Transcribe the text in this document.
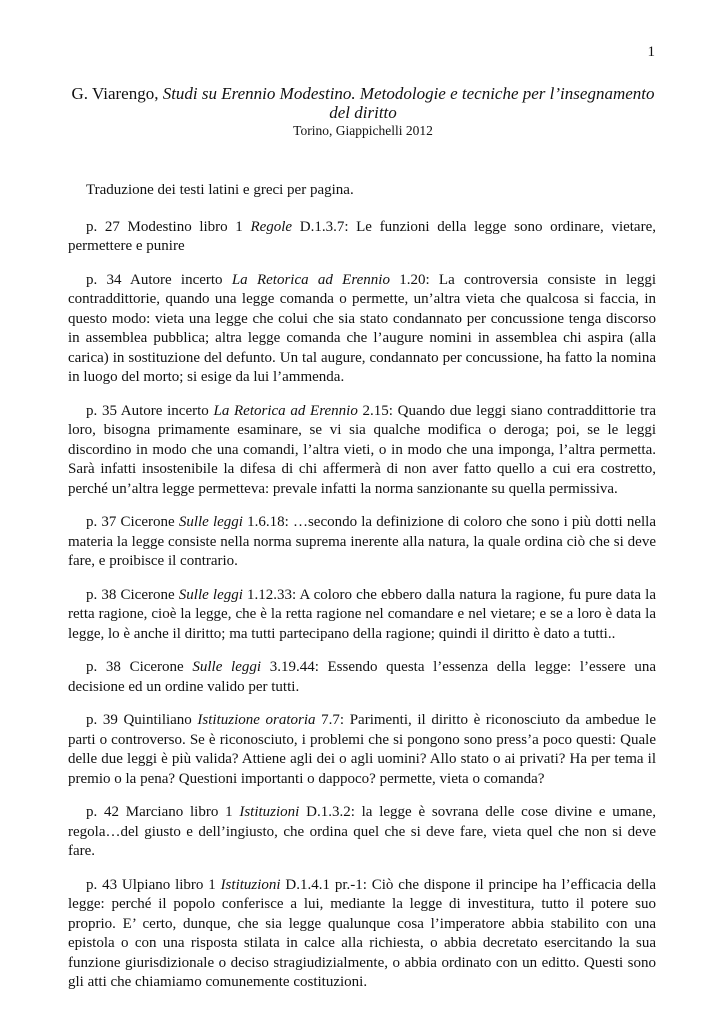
1
G. Viarengo, Studi su Erennio Modestino. Metodologie e tecniche per l’insegnamento del diritto
Torino, Giappichelli 2012

Traduzione dei testi latini e greci per pagina.

p. 27 Modestino libro 1 Regole D.1.3.7: Le funzioni della legge sono ordinare, vietare, permettere e punire

p. 34 Autore incerto La Retorica ad Erennio 1.20: La controversia consiste in leggi contraddittorie, quando una legge comanda o permette, un’altra vieta che qualcosa si faccia, in questo modo: vieta una legge che colui che sia stato condannato per concussione tenga discorso in assemblea pubblica; altra legge comanda che l’augure nomini in assemblea chi aspira (alla carica) in sostituzione del defunto. Un tal augure, condannato per concussione, ha fatto la nomina in luogo del morto; si esige da lui l’ammenda.

p. 35 Autore incerto La Retorica ad Erennio 2.15: Quando due leggi siano contraddittorie tra loro, bisogna primamente esaminare, se vi sia qualche modifica o deroga; poi, se le leggi discordino in modo che una comandi, l’altra vieti, o in modo che una imponga, l’altra permetta. Sarà infatti insostenibile la difesa di chi affermerà di non aver fatto quello a cui era costretto, perché un’altra legge permetteva: prevale infatti la norma sanzionante su quella permissiva.

p. 37 Cicerone Sulle leggi 1.6.18: …secondo la definizione di coloro che sono i più dotti nella materia la legge consiste nella norma suprema inerente alla natura, la quale ordina ciò che si deve fare, e proibisce il contrario.

p. 38 Cicerone Sulle leggi 1.12.33: A coloro che ebbero dalla natura la ragione, fu pure data la retta ragione, cioè la legge, che è la retta ragione nel comandare e nel vietare; e se a loro è data la legge, lo è anche il diritto; ma tutti partecipano della ragione; quindi il diritto è dato a tutti..

p. 38 Cicerone Sulle leggi 3.19.44: Essendo questa l’essenza della legge: l’essere una decisione ed un ordine valido per tutti.

p. 39 Quintiliano Istituzione oratoria 7.7: Parimenti, il diritto è riconosciuto da ambedue le parti o controverso. Se è riconosciuto, i problemi che si pongono sono press’a poco questi: Quale delle due leggi è più valida? Attiene agli dei o agli uomini? Allo stato o ai privati? Ha per tema il premio o la pena? Questioni importanti o dappoco? permette, vieta o comanda?

p. 42 Marciano libro 1 Istituzioni D.1.3.2: la legge è sovrana delle cose divine e umane, regola…del giusto e dell’ingiusto, che ordina quel che si deve fare, vieta quel che non si deve fare.

p. 43 Ulpiano libro 1 Istituzioni D.1.4.1 pr.-1: Ciò che dispone il principe ha l’efficacia della legge: perché il popolo conferisce a lui, mediante la legge di investitura, tutto il potere suo proprio. E’ certo, dunque, che sia legge qualunque cosa l’imperatore abbia stabilito con una epistola o con una risposta stilata in calce alla richiesta, o abbia decretato esercitando la sua funzione giurisdizionale o deciso stragiudizialmente, o abbia ordinato con un editto. Questi sono gli atti che chiamiamo comunemente costituzioni.
